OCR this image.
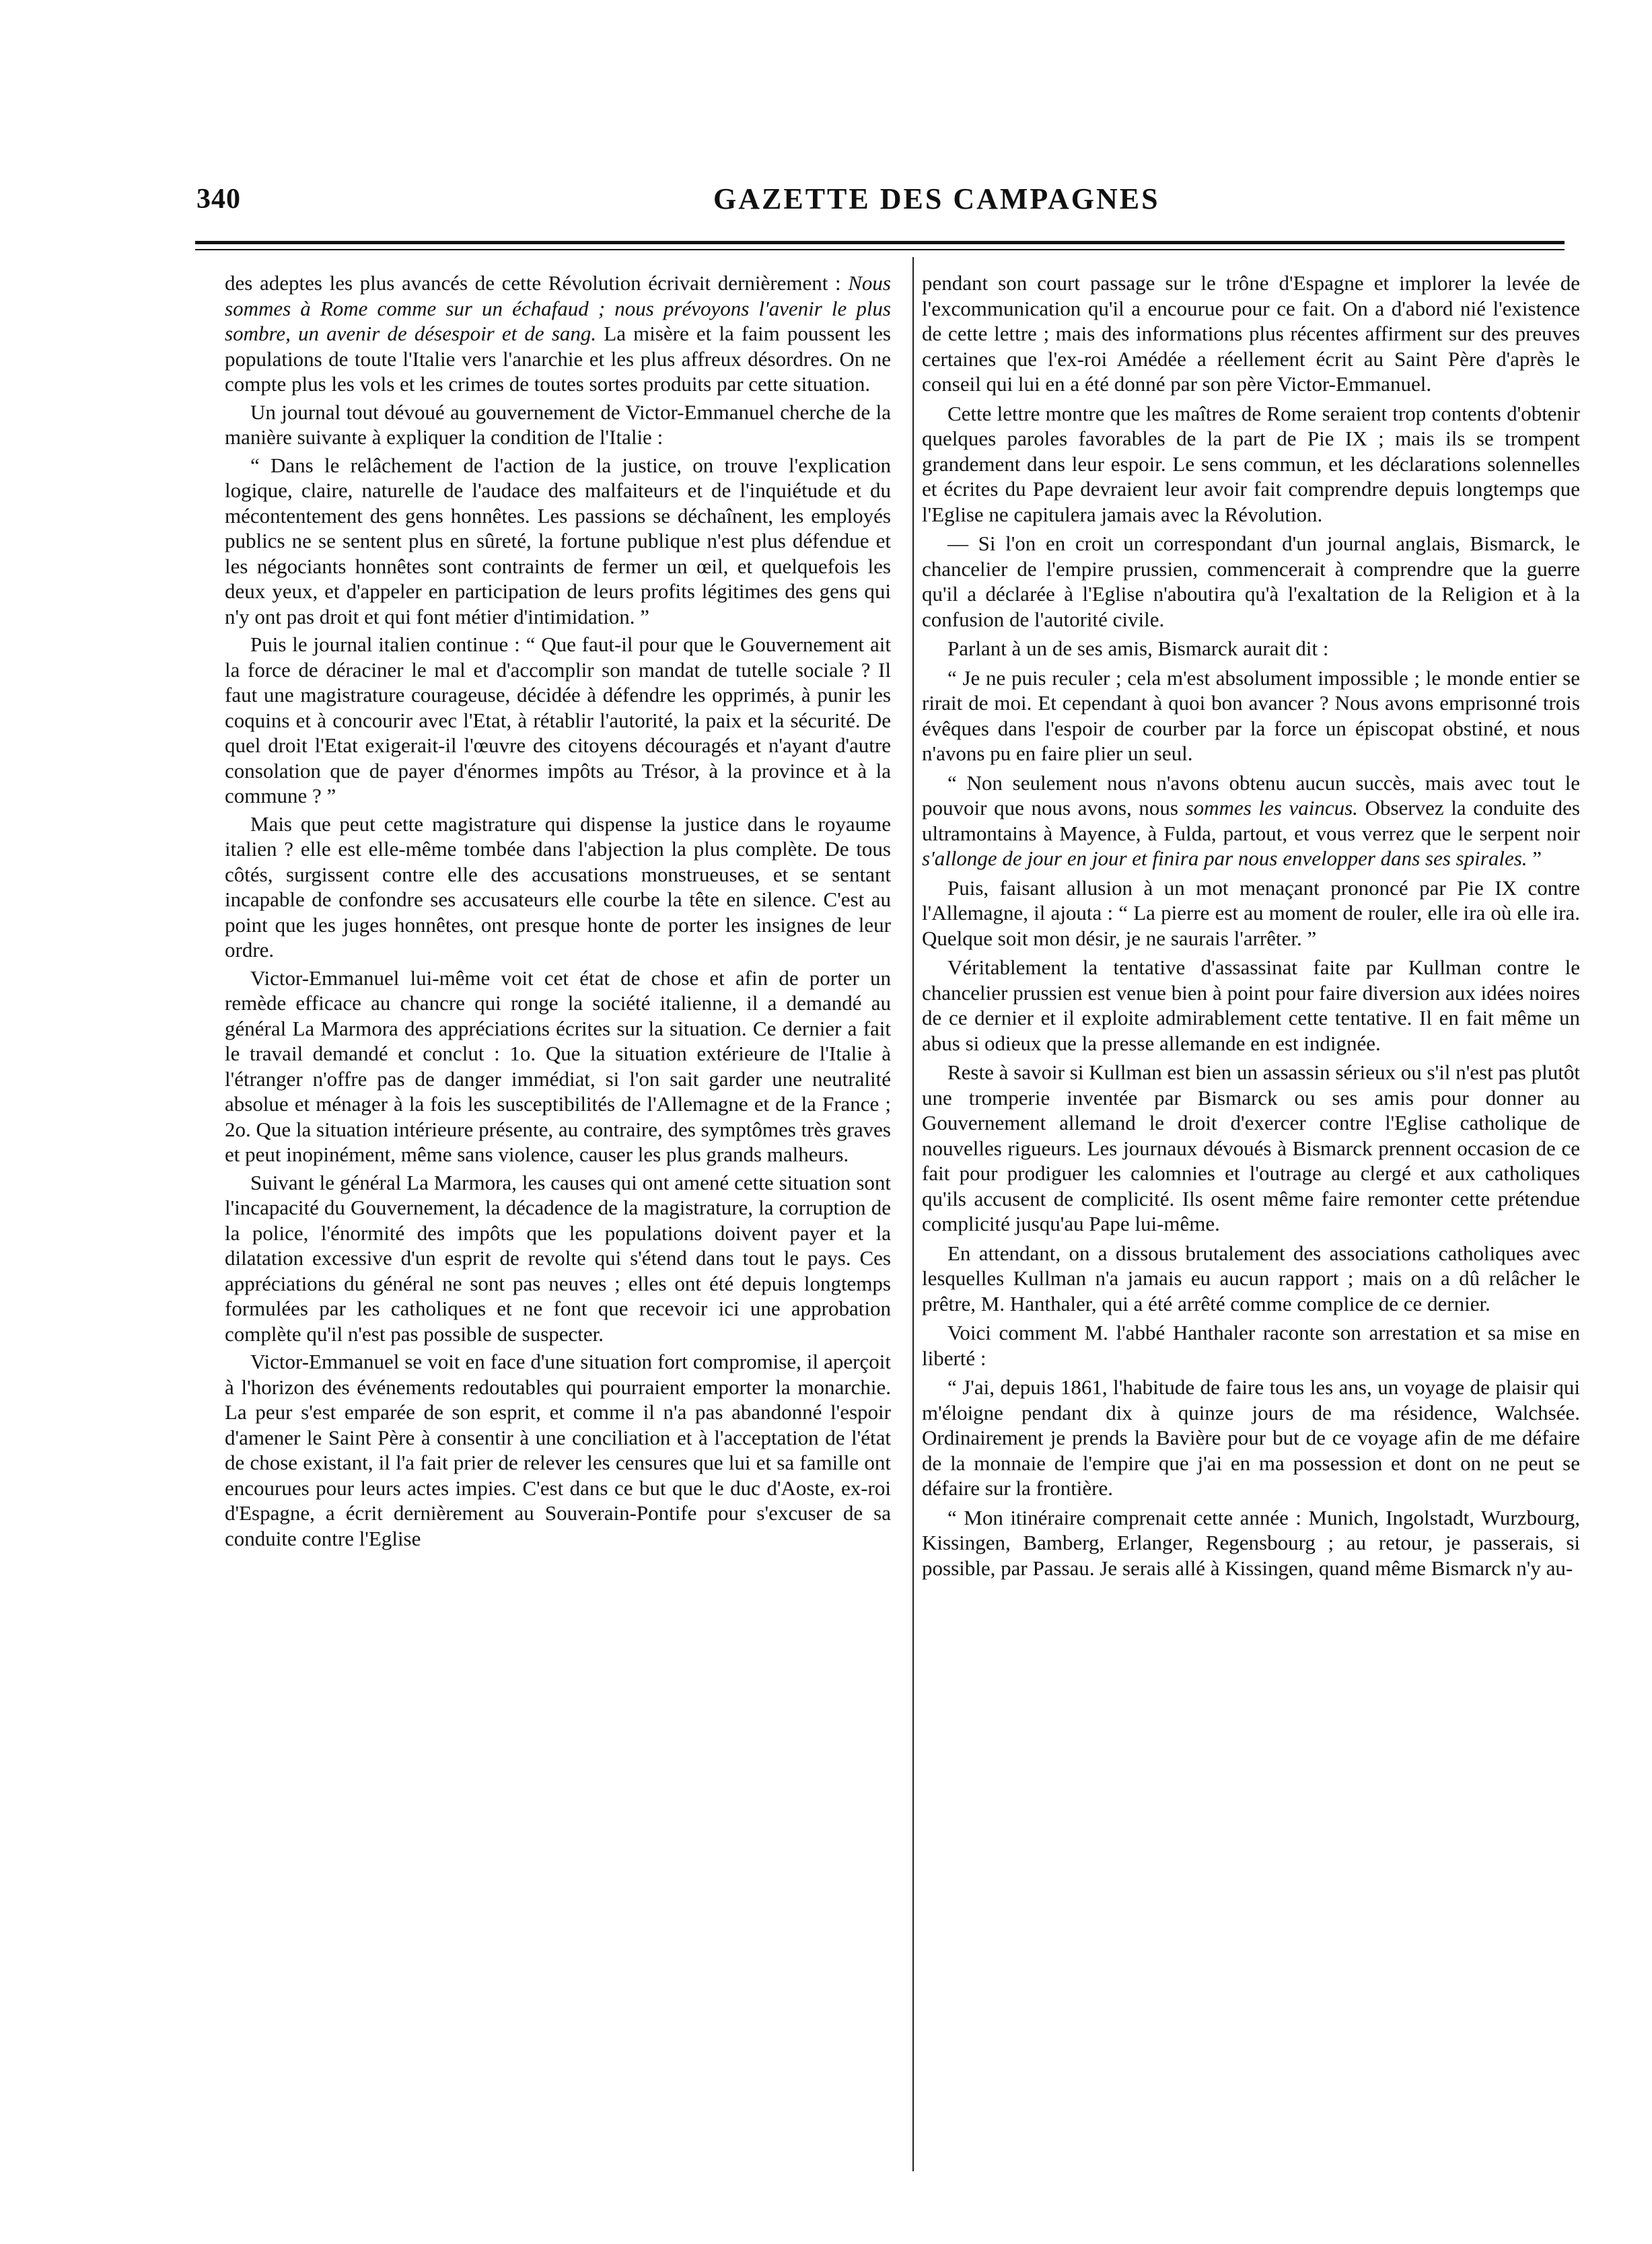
340	GAZETTE DES CAMPAGNES

des adeptes les plus avancés de cette Révolution écrivait dernièrement : Nous sommes à Rome comme sur un échafaud ; nous prévoyons l'avenir le plus sombre, un avenir de désespoir et de sang. La misère et la faim poussent les populations de toute l'Italie vers l'anarchie et les plus affreux désordres. On ne compte plus les vols et les crimes de toutes sortes produits par cette situation.

Un journal tout dévoué au gouvernement de Victor-Emmanuel cherche de la manière suivante à expliquer la condition de l'Italie :

“ Dans le relâchement de l'action de la justice, on trouve l'explication logique, claire, naturelle de l'audace des malfaiteurs et de l'inquiétude et du mécontentement des gens honnêtes. Les passions se déchaînent, les employés publics ne se sentent plus en sûreté, la fortune publique n'est plus défendue et les négociants honnêtes sont contraints de fermer un œil, et quelquefois les deux yeux, et d'appeler en participation de leurs profits légitimes des gens qui n'y ont pas droit et qui font métier d'intimidation. ”

Puis le journal italien continue : “ Que faut-il pour que le Gouvernement ait la force de déraciner le mal et d'accomplir son mandat de tutelle sociale ? Il faut une magistrature courageuse, décidée à défendre les opprimés, à punir les coquins et à concourir avec l'Etat, à rétablir l'autorité, la paix et la sécurité. De quel droit l'Etat exigerait-il l'œuvre des citoyens découragés et n'ayant d'autre consolation que de payer d'énormes impôts au Trésor, à la province et à la commune ? ”

Mais que peut cette magistrature qui dispense la justice dans le royaume italien ? elle est elle-même tombée dans l'abjection la plus complète. De tous côtés, surgissent contre elle des accusations monstrueuses, et se sentant incapable de confondre ses accusateurs elle courbe la tête en silence. C'est au point que les juges honnêtes, ont presque honte de porter les insignes de leur ordre.

Victor-Emmanuel lui-même voit cet état de chose et afin de porter un remède efficace au chancre qui ronge la société italienne, il a demandé au général La Marmora des appréciations écrites sur la situation. Ce dernier a fait le travail demandé et conclut : 1o. Que la situation extérieure de l'Italie à l'étranger n'offre pas de danger immédiat, si l'on sait garder une neutralité absolue et ménager à la fois les susceptibilités de l'Allemagne et de la France ; 2o. Que la situation intérieure présente, au contraire, des symptômes très graves et peut inopinément, même sans violence, causer les plus grands malheurs.

Suivant le général La Marmora, les causes qui ont amené cette situation sont l'incapacité du Gouvernement, la décadence de la magistrature, la corruption de la police, l'énormité des impôts que les populations doivent payer et la dilatation excessive d'un esprit de revolte qui s'étend dans tout le pays. Ces appréciations du général ne sont pas neuves ; elles ont été depuis longtemps formulées par les catholiques et ne font que recevoir ici une approbation complète qu'il n'est pas possible de suspecter.

Victor-Emmanuel se voit en face d'une situation fort compromise, il aperçoit à l'horizon des événements redoutables qui pourraient emporter la monarchie. La peur s'est emparée de son esprit, et comme il n'a pas abandonné l'espoir d'amener le Saint Père à consentir à une conciliation et à l'acceptation de l'état de chose existant, il l'a fait prier de relever les censures que lui et sa famille ont encourues pour leurs actes impies. C'est dans ce but que le duc d'Aoste, ex-roi d'Espagne, a écrit dernièrement au Souverain-Pontife pour s'excuser de sa conduite contre l'Eglise

pendant son court passage sur le trône d'Espagne et implorer la levée de l'excommunication qu'il a encourue pour ce fait. On a d'abord nié l'existence de cette lettre ; mais des informations plus récentes affirment sur des preuves certaines que l'ex-roi Amédée a réellement écrit au Saint Père d'après le conseil qui lui en a été donné par son père Victor-Emmanuel.

Cette lettre montre que les maîtres de Rome seraient trop contents d'obtenir quelques paroles favorables de la part de Pie IX ; mais ils se trompent grandement dans leur espoir. Le sens commun, et les déclarations solennelles et écrites du Pape devraient leur avoir fait comprendre depuis longtemps que l'Eglise ne capitulera jamais avec la Révolution.

— Si l'on en croit un correspondant d'un journal anglais, Bismarck, le chancelier de l'empire prussien, commencerait à comprendre que la guerre qu'il a déclarée à l'Eglise n'aboutira qu'à l'exaltation de la Religion et à la confusion de l'autorité civile.

Parlant à un de ses amis, Bismarck aurait dit :

“ Je ne puis reculer ; cela m'est absolument impossible ; le monde entier se rirait de moi. Et cependant à quoi bon avancer ? Nous avons emprisonné trois évêques dans l'espoir de courber par la force un épiscopat obstiné, et nous n'avons pu en faire plier un seul.

“ Non seulement nous n'avons obtenu aucun succès, mais avec tout le pouvoir que nous avons, nous sommes les vaincus. Observez la conduite des ultramontains à Mayence, à Fulda, partout, et vous verrez que le serpent noir s'allonge de jour en jour et finira par nous envelopper dans ses spirales. ”

Puis, faisant allusion à un mot menaçant prononcé par Pie IX contre l'Allemagne, il ajouta : “ La pierre est au moment de rouler, elle ira où elle ira. Quelque soit mon désir, je ne saurais l'arrêter. ”

Véritablement la tentative d'assassinat faite par Kullman contre le chancelier prussien est venue bien à point pour faire diversion aux idées noires de ce dernier et il exploite admirablement cette tentative. Il en fait même un abus si odieux que la presse allemande en est indignée.

Reste à savoir si Kullman est bien un assassin sérieux ou s'il n'est pas plutôt une tromperie inventée par Bismarck ou ses amis pour donner au Gouvernement allemand le droit d'exercer contre l'Eglise catholique de nouvelles rigueurs. Les journaux dévoués à Bismarck prennent occasion de ce fait pour prodiguer les calomnies et l'outrage au clergé et aux catholiques qu'ils accusent de complicité. Ils osent même faire remonter cette prétendue complicité jusqu'au Pape lui-même.

En attendant, on a dissous brutalement des associations catholiques avec lesquelles Kullman n'a jamais eu aucun rapport ; mais on a dû relâcher le prêtre, M. Hanthaler, qui a été arrêté comme complice de ce dernier.

Voici comment M. l'abbé Hanthaler raconte son arrestation et sa mise en liberté :

“ J'ai, depuis 1861, l'habitude de faire tous les ans, un voyage de plaisir qui m'éloigne pendant dix à quinze jours de ma résidence, Walchsée. Ordinairement je prends la Bavière pour but de ce voyage afin de me défaire de la monnaie de l'empire que j'ai en ma possession et dont on ne peut se défaire sur la frontière.

“ Mon itinéraire comprenait cette année : Munich, Ingolstadt, Wurzbourg, Kissingen, Bamberg, Erlanger, Regensbourg ; au retour, je passerais, si possible, par Passau. Je serais allé à Kissingen, quand même Bismarck n'y au-
